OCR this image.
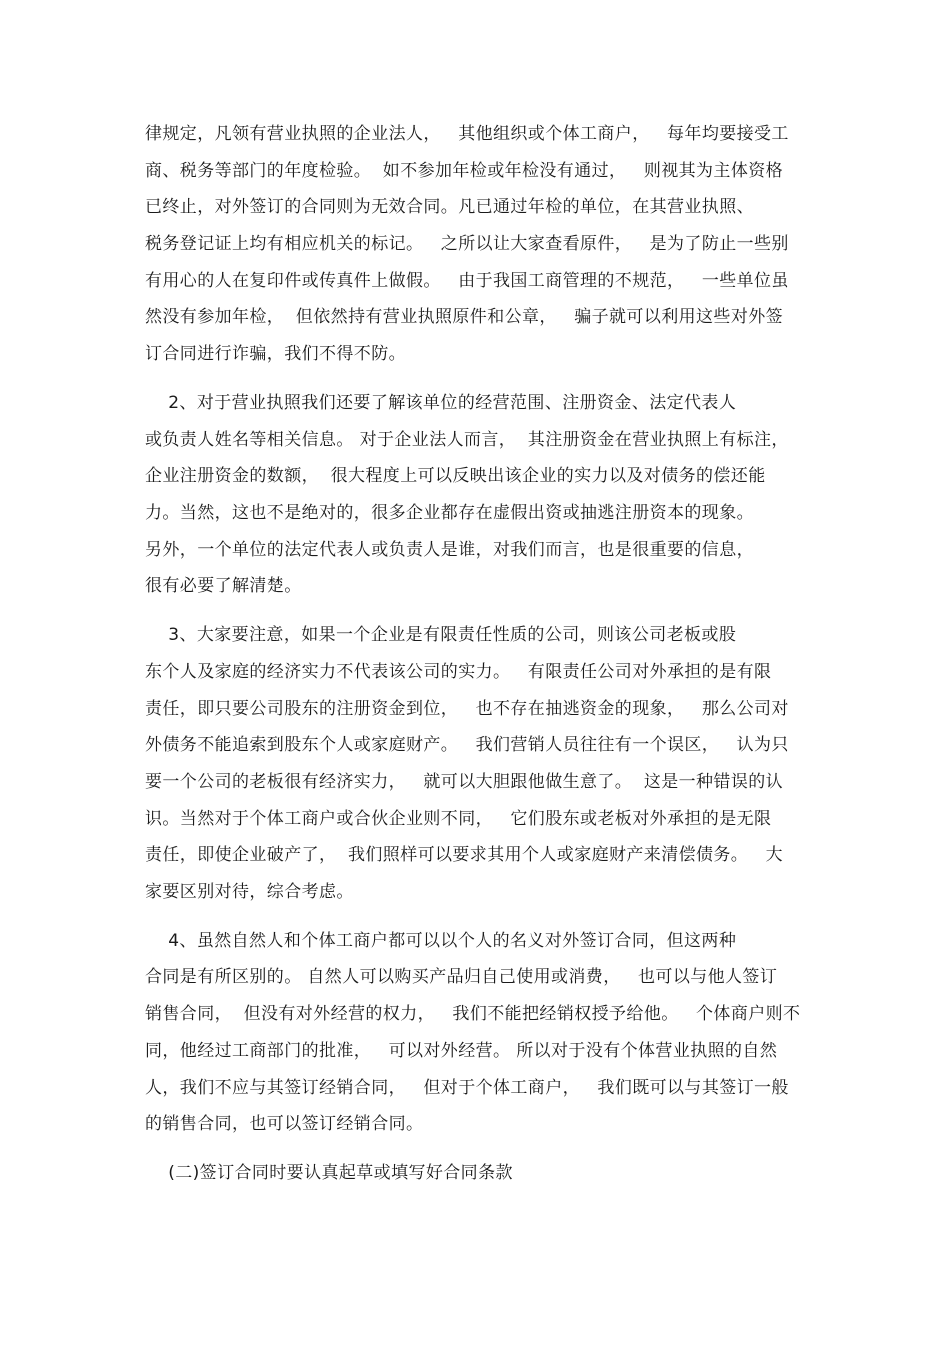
律规定，凡领有营业执照的企业法人，   其他组织或个体工商户，   每年均要接受工
商、税务等部门的年度检验。  如不参加年检或年检没有通过，   则视其为主体资格
已终止，对外签订的合同则为无效合同。凡已通过年检的单位，在其营业执照、
税务登记证上均有相应机关的标记。   之所以让大家查看原件，   是为了防止一些别
有用心的人在复印件或传真件上做假。   由于我国工商管理的不规范，   一些单位虽
然没有参加年检，  但依然持有营业执照原件和公章，   骗子就可以利用这些对外签
订合同进行诈骗，我们不得不防。
2、对于营业执照我们还要了解该单位的经营范围、注册资金、法定代表人
或负责人姓名等相关信息。 对于企业法人而言，  其注册资金在营业执照上有标注，
企业注册资金的数额，  很大程度上可以反映出该企业的实力以及对债务的偿还能
力。当然，这也不是绝对的，很多企业都存在虚假出资或抽逃注册资本的现象。
另外，一个单位的法定代表人或负责人是谁，对我们而言，也是很重要的信息，
很有必要了解清楚。
3、大家要注意，如果一个企业是有限责任性质的公司，则该公司老板或股
东个人及家庭的经济实力不代表该公司的实力。   有限责任公司对外承担的是有限
责任，即只要公司股东的注册资金到位，   也不存在抽逃资金的现象，   那么公司对
外债务不能追索到股东个人或家庭财产。   我们营销人员往往有一个误区，   认为只
要一个公司的老板很有经济实力，   就可以大胆跟他做生意了。  这是一种错误的认
识。当然对于个体工商户或合伙企业则不同，   它们股东或老板对外承担的是无限
责任，即使企业破产了，  我们照样可以要求其用个人或家庭财产来清偿债务。   大
家要区别对待，综合考虑。
4、虽然自然人和个体工商户都可以以个人的名义对外签订合同，但这两种
合同是有所区别的。 自然人可以购买产品归自己使用或消费，   也可以与他人签订
销售合同，  但没有对外经营的权力，   我们不能把经销权授予给他。   个体商户则不
同，他经过工商部门的批准，   可以对外经营。 所以对于没有个体营业执照的自然
人，我们不应与其签订经销合同，   但对于个体工商户，   我们既可以与其签订一般
的销售合同，也可以签订经销合同。
(二)签订合同时要认真起草或填写好合同条款
